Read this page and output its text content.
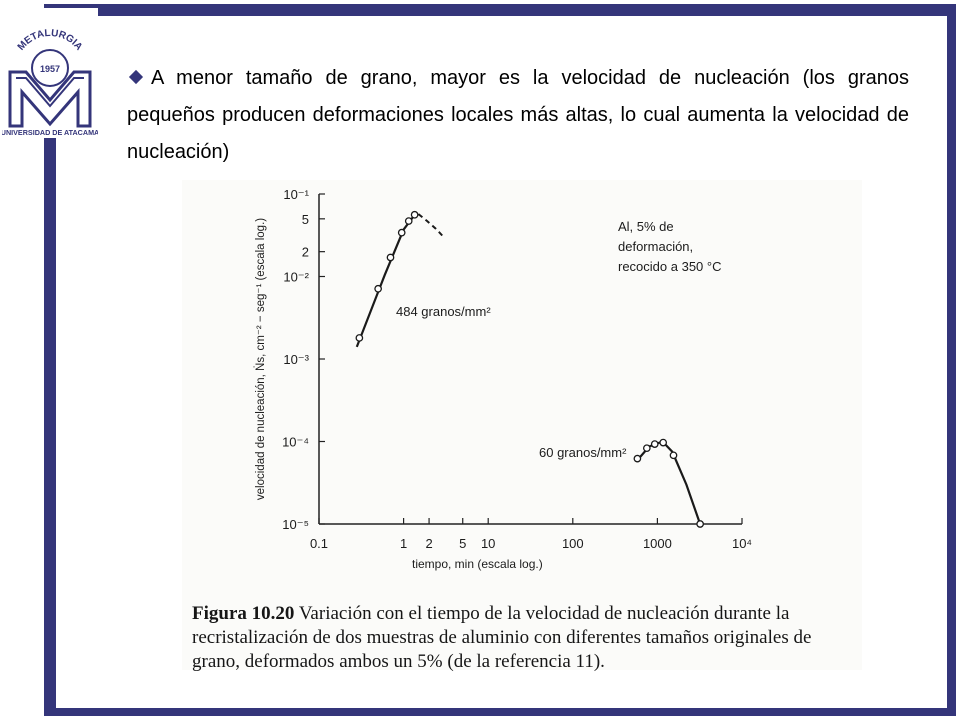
METALURGIA
1957
UNIVERSIDAD DE ATACAMA
A menor tamaño de grano, mayor es la velocidad de nucleación (los granos pequeños producen deformaciones locales más altas, lo cual aumenta la velocidad de nucleación)
10⁻¹
5
2
10⁻²
10⁻³
10⁻⁴
10⁻⁵
0.1	1 2 5 10	100	1000	10⁴
tiempo, min (escala log.)
velocidad de nucleación, Ṅs, cm⁻² − seg⁻¹ (escala log.)	Al, 5% de
deformación,
recocido a 350 °C
484 granos/mm²
60 granos/mm²
Figura 10.20 Variación con el tiempo de la velocidad de nucleación durante la recristalización de dos muestras de aluminio con diferentes tamaños originales de grano, deformados ambos un 5% (de la referencia 11).
